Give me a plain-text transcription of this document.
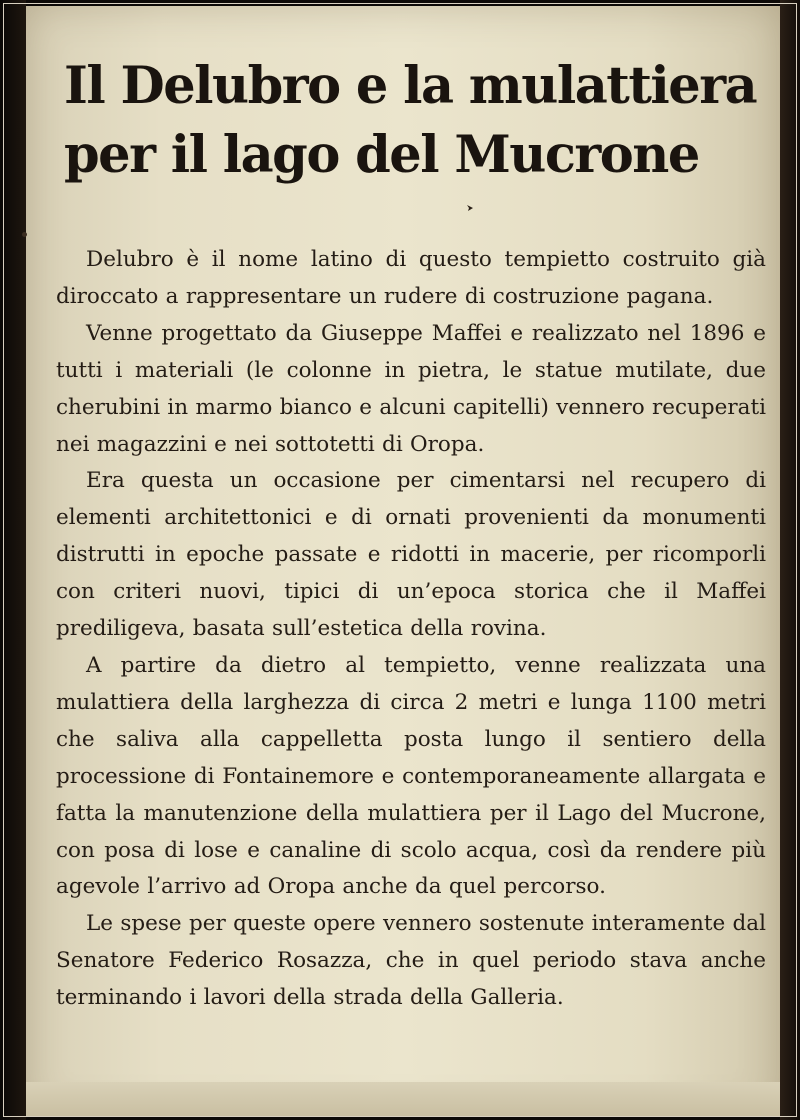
Il Delubro e la mulattiera
per il lago del Mucrone

Delubro è il nome latino di questo tempietto costruito già diroccato a rappresentare un rudere di costruzione pagana.

Venne progettato da Giuseppe Maffei e realizzato nel 1896 e tutti i materiali (le colonne in pietra, le statue mutilate, due cherubini in marmo bianco e alcuni capitelli) vennero recuperati nei magazzini e nei sottotetti di Oropa.

Era questa un occasione per cimentarsi nel recupero di elementi architettonici e di ornati provenienti da monumenti distrutti in epoche passate e ridotti in macerie, per ricomporli con criteri nuovi, tipici di un’epoca storica che il Maffei prediligeva, basata sull’estetica della rovina.

A partire da dietro al tempietto, venne realizzata una mulattiera della larghezza di circa 2 metri e lunga 1100 metri che saliva alla cappelletta posta lungo il sentiero della processione di Fontainemore e contemporaneamente allargata e fatta la manutenzione della mulattiera per il Lago del Mucrone, con posa di lose e canaline di scolo acqua, così da rendere più agevole l’arrivo ad Oropa anche da quel percorso.

Le spese per queste opere vennero sostenute interamente dal Senatore Federico Rosazza, che in quel periodo stava anche terminando i lavori della strada della Galleria.
